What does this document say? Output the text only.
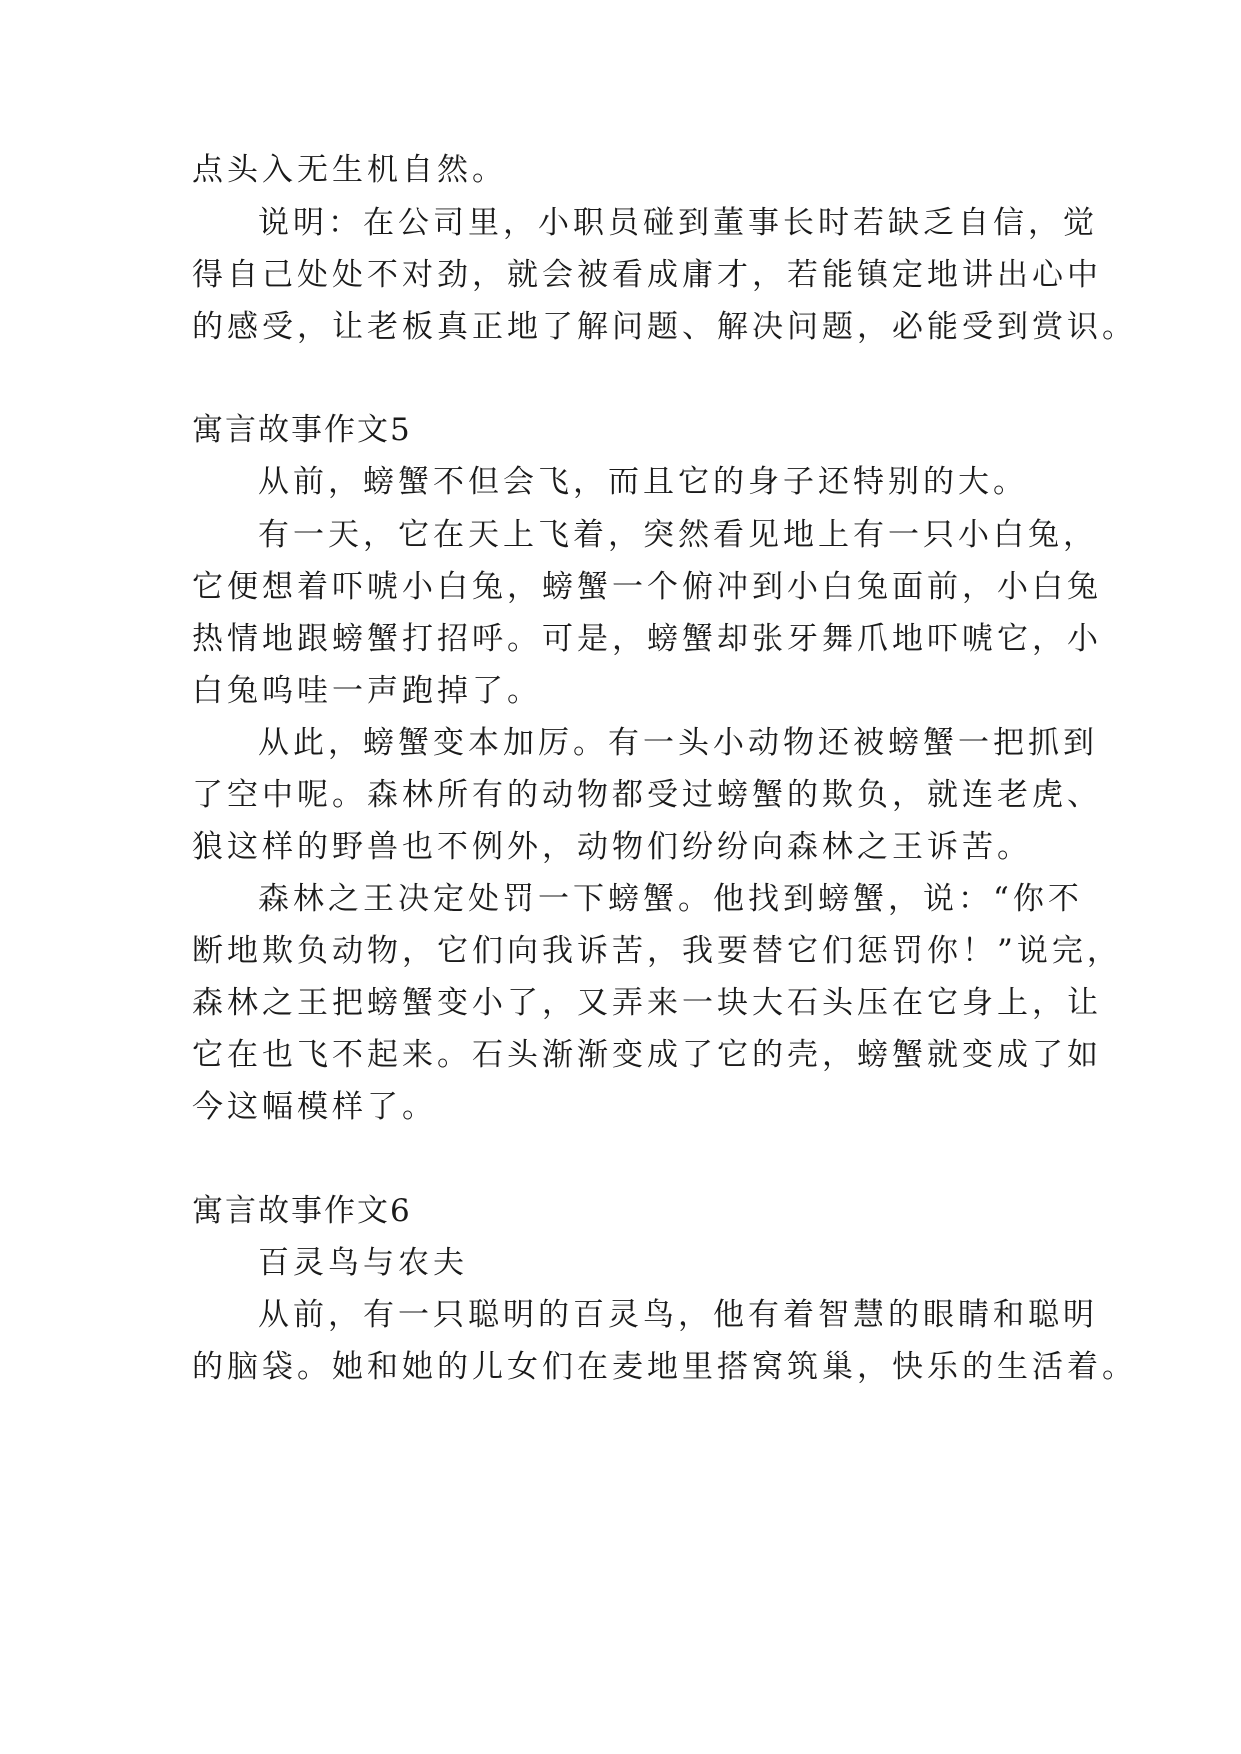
点头入无生机自然。
说明：在公司里，小职员碰到董事长时若缺乏自信，觉
得自己处处不对劲，就会被看成庸才，若能镇定地讲出心中
的感受，让老板真正地了解问题、解决问题，必能受到赏识。
寓言故事作文5
从前，螃蟹不但会飞，而且它的身子还特别的大。
有一天，它在天上飞着，突然看见地上有一只小白兔，
它便想着吓唬小白兔，螃蟹一个俯冲到小白兔面前，小白兔
热情地跟螃蟹打招呼。可是，螃蟹却张牙舞爪地吓唬它，小
白兔呜哇一声跑掉了。
从此，螃蟹变本加厉。有一头小动物还被螃蟹一把抓到
了空中呢。森林所有的动物都受过螃蟹的欺负，就连老虎、
狼这样的野兽也不例外，动物们纷纷向森林之王诉苦。
森林之王决定处罚一下螃蟹。他找到螃蟹，说：“你不
断地欺负动物，它们向我诉苦，我要替它们惩罚你！”说完，
森林之王把螃蟹变小了，又弄来一块大石头压在它身上，让
它在也飞不起来。石头渐渐变成了它的壳，螃蟹就变成了如
今这幅模样了。
寓言故事作文6
百灵鸟与农夫
从前，有一只聪明的百灵鸟，他有着智慧的眼睛和聪明
的脑袋。她和她的儿女们在麦地里搭窝筑巢，快乐的生活着。
